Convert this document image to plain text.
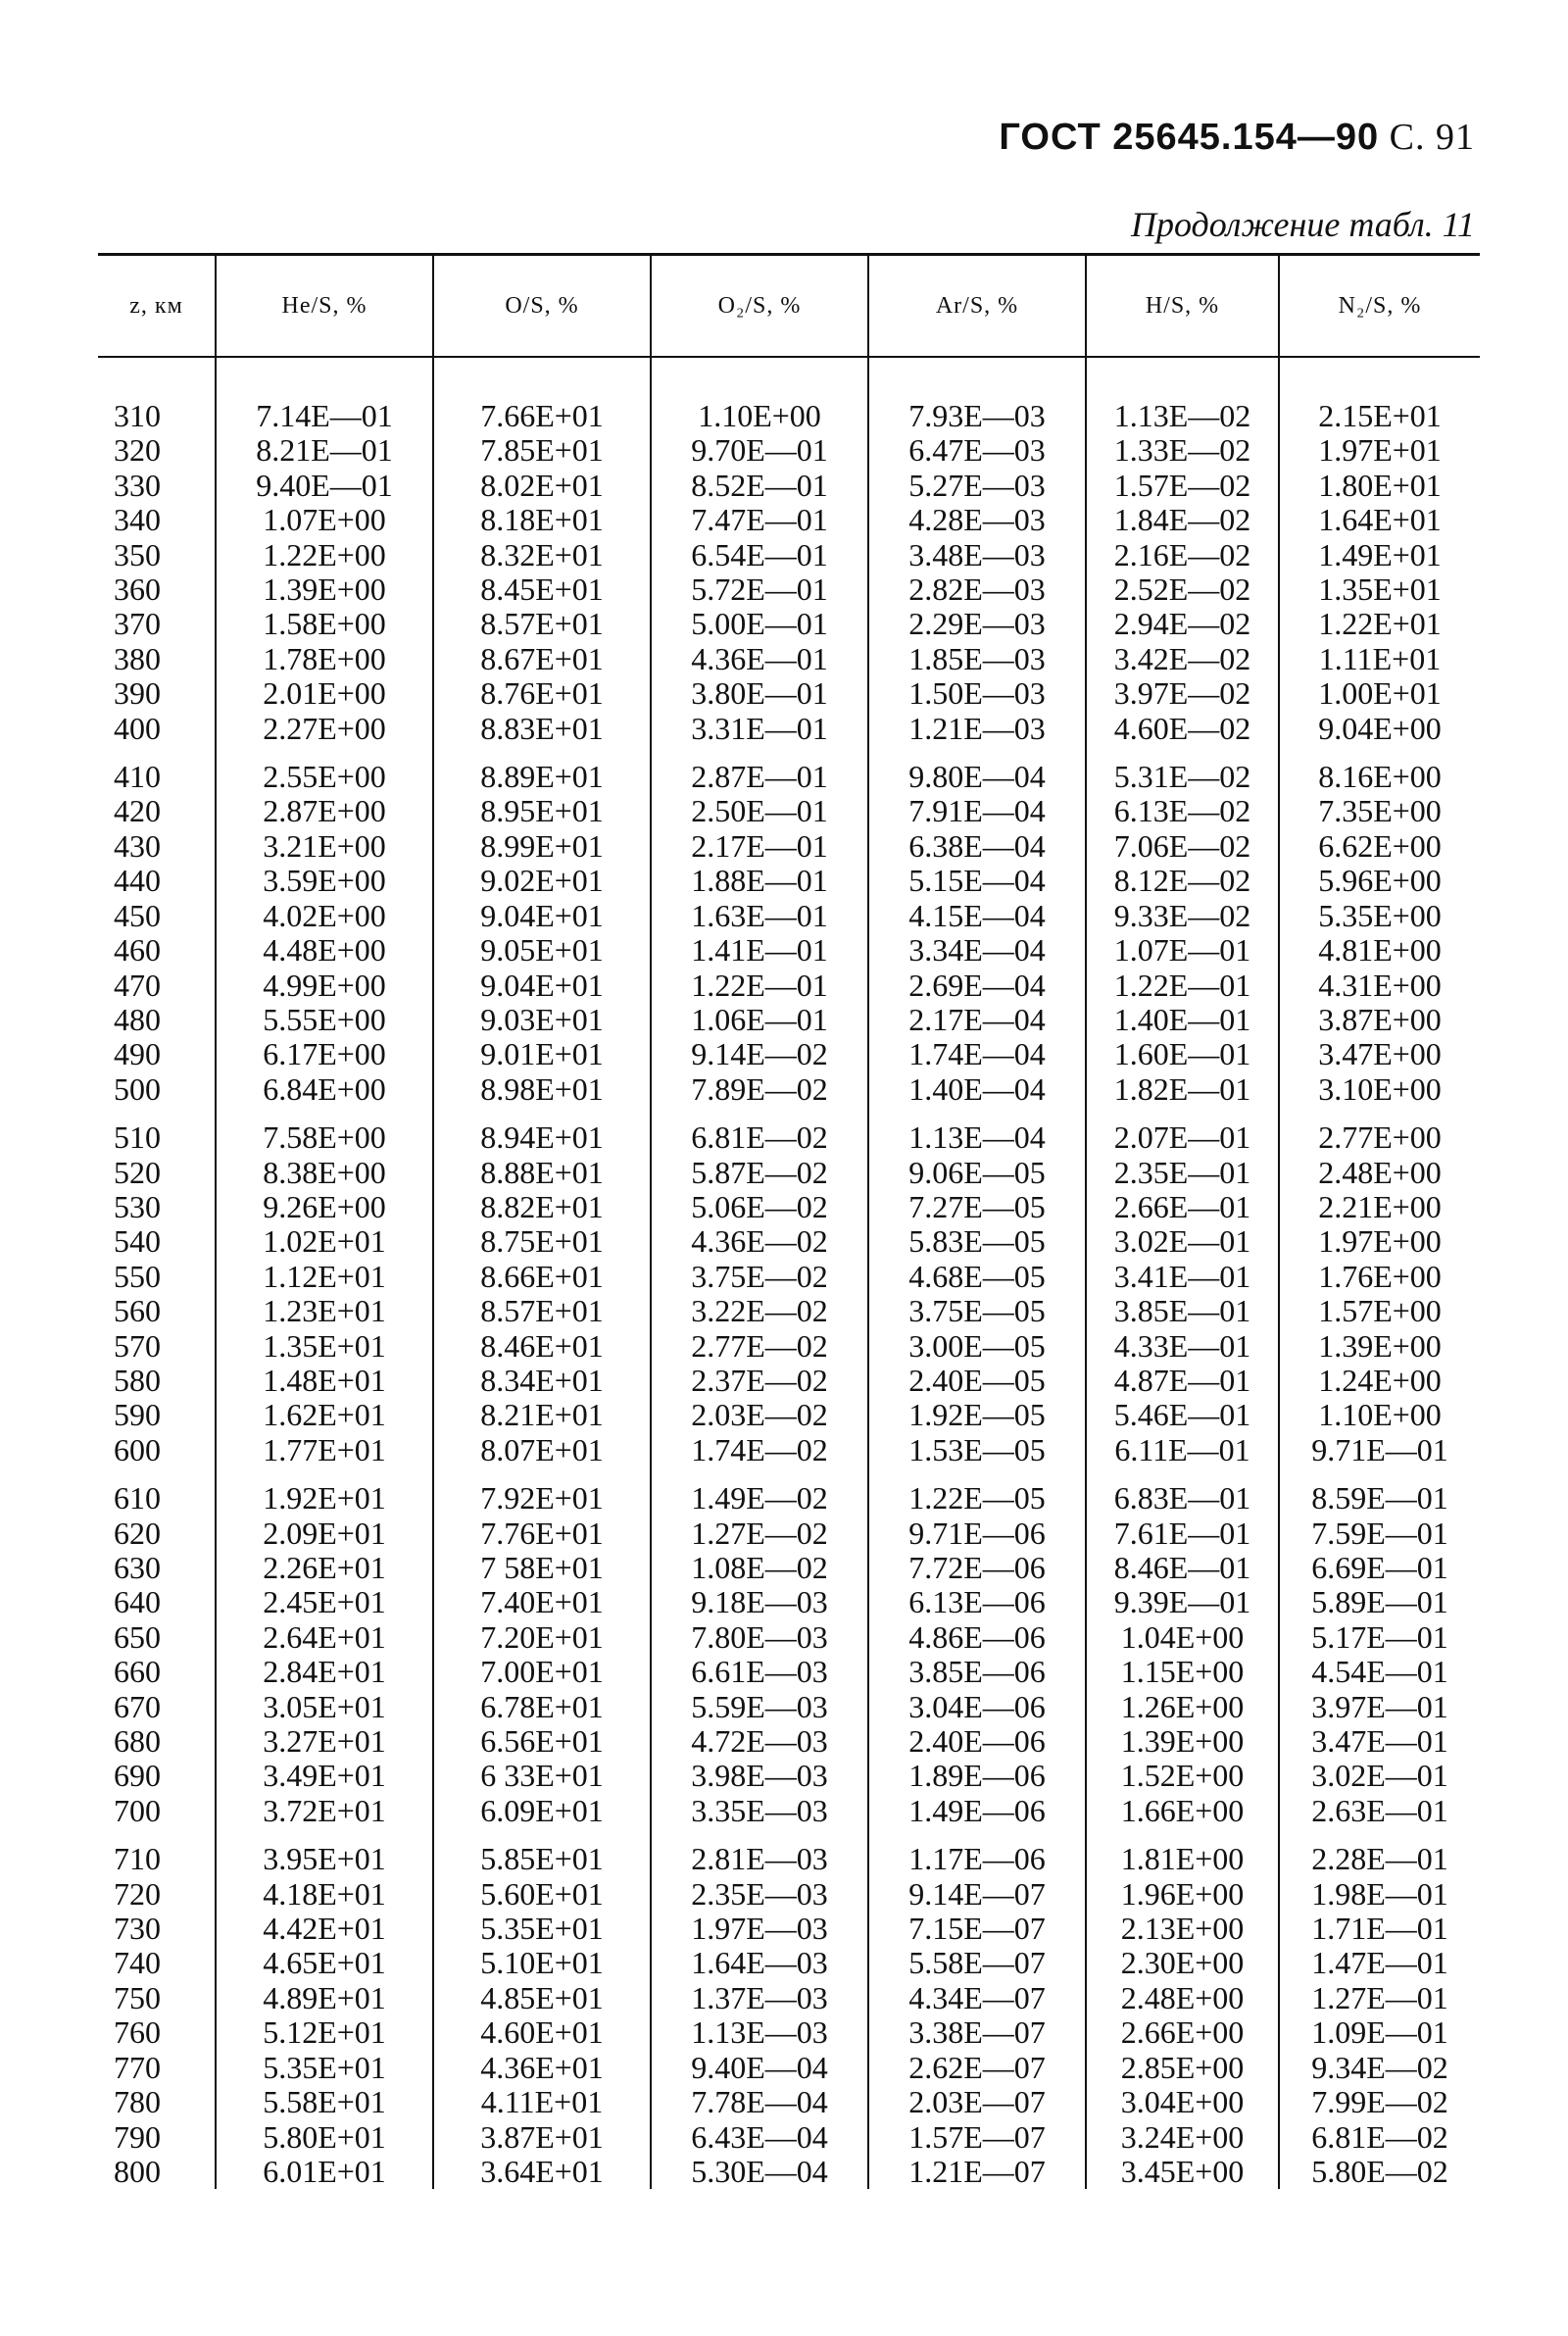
ГОСТ 25645.154—90 С. 91
Продолжение табл. 11
z, км	He/S, %	O/S, %	O₂/S, %	Ar/S, %	H/S, %	N₂/S, %

310	7.14E—01	7.66E+01	1.10E+00	7.93E—03	1.13E—02	2.15E+01
320	8.21E—01	7.85E+01	9.70E—01	6.47E—03	1.33E—02	1.97E+01
330	9.40E—01	8.02E+01	8.52E—01	5.27E—03	1.57E—02	1.80E+01
340	1.07E+00	8.18E+01	7.47E—01	4.28E—03	1.84E—02	1.64E+01
350	1.22E+00	8.32E+01	6.54E—01	3.48E—03	2.16E—02	1.49E+01
360	1.39E+00	8.45E+01	5.72E—01	2.82E—03	2.52E—02	1.35E+01
370	1.58E+00	8.57E+01	5.00E—01	2.29E—03	2.94E—02	1.22E+01
380	1.78E+00	8.67E+01	4.36E—01	1.85E—03	3.42E—02	1.11E+01
390	2.01E+00	8.76E+01	3.80E—01	1.50E—03	3.97E—02	1.00E+01
400	2.27E+00	8.83E+01	3.31E—01	1.21E—03	4.60E—02	9.04E+00

410	2.55E+00	8.89E+01	2.87E—01	9.80E—04	5.31E—02	8.16E+00
420	2.87E+00	8.95E+01	2.50E—01	7.91E—04	6.13E—02	7.35E+00
430	3.21E+00	8.99E+01	2.17E—01	6.38E—04	7.06E—02	6.62E+00
440	3.59E+00	9.02E+01	1.88E—01	5.15E—04	8.12E—02	5.96E+00
450	4.02E+00	9.04E+01	1.63E—01	4.15E—04	9.33E—02	5.35E+00
460	4.48E+00	9.05E+01	1.41E—01	3.34E—04	1.07E—01	4.81E+00
470	4.99E+00	9.04E+01	1.22E—01	2.69E—04	1.22E—01	4.31E+00
480	5.55E+00	9.03E+01	1.06E—01	2.17E—04	1.40E—01	3.87E+00
490	6.17E+00	9.01E+01	9.14E—02	1.74E—04	1.60E—01	3.47E+00
500	6.84E+00	8.98E+01	7.89E—02	1.40E—04	1.82E—01	3.10E+00

510	7.58E+00	8.94E+01	6.81E—02	1.13E—04	2.07E—01	2.77E+00
520	8.38E+00	8.88E+01	5.87E—02	9.06E—05	2.35E—01	2.48E+00
530	9.26E+00	8.82E+01	5.06E—02	7.27E—05	2.66E—01	2.21E+00
540	1.02E+01	8.75E+01	4.36E—02	5.83E—05	3.02E—01	1.97E+00
550	1.12E+01	8.66E+01	3.75E—02	4.68E—05	3.41E—01	1.76E+00
560	1.23E+01	8.57E+01	3.22E—02	3.75E—05	3.85E—01	1.57E+00
570	1.35E+01	8.46E+01	2.77E—02	3.00E—05	4.33E—01	1.39E+00
580	1.48E+01	8.34E+01	2.37E—02	2.40E—05	4.87E—01	1.24E+00
590	1.62E+01	8.21E+01	2.03E—02	1.92E—05	5.46E—01	1.10E+00
600	1.77E+01	8.07E+01	1.74E—02	1.53E—05	6.11E—01	9.71E—01

610	1.92E+01	7.92E+01	1.49E—02	1.22E—05	6.83E—01	8.59E—01
620	2.09E+01	7.76E+01	1.27E—02	9.71E—06	7.61E—01	7.59E—01
630	2.26E+01	7 58E+01	1.08E—02	7.72E—06	8.46E—01	6.69E—01
640	2.45E+01	7.40E+01	9.18E—03	6.13E—06	9.39E—01	5.89E—01
650	2.64E+01	7.20E+01	7.80E—03	4.86E—06	1.04E+00	5.17E—01
660	2.84E+01	7.00E+01	6.61E—03	3.85E—06	1.15E+00	4.54E—01
670	3.05E+01	6.78E+01	5.59E—03	3.04E—06	1.26E+00	3.97E—01
680	3.27E+01	6.56E+01	4.72E—03	2.40E—06	1.39E+00	3.47E—01
690	3.49E+01	6 33E+01	3.98E—03	1.89E—06	1.52E+00	3.02E—01
700	3.72E+01	6.09E+01	3.35E—03	1.49E—06	1.66E+00	2.63E—01

710	3.95E+01	5.85E+01	2.81E—03	1.17E—06	1.81E+00	2.28E—01
720	4.18E+01	5.60E+01	2.35E—03	9.14E—07	1.96E+00	1.98E—01
730	4.42E+01	5.35E+01	1.97E—03	7.15E—07	2.13E+00	1.71E—01
740	4.65E+01	5.10E+01	1.64E—03	5.58E—07	2.30E+00	1.47E—01
750	4.89E+01	4.85E+01	1.37E—03	4.34E—07	2.48E+00	1.27E—01
760	5.12E+01	4.60E+01	1.13E—03	3.38E—07	2.66E+00	1.09E—01
770	5.35E+01	4.36E+01	9.40E—04	2.62E—07	2.85E+00	9.34E—02
780	5.58E+01	4.11E+01	7.78E—04	2.03E—07	3.04E+00	7.99E—02
790	5.80E+01	3.87E+01	6.43E—04	1.57E—07	3.24E+00	6.81E—02
800	6.01E+01	3.64E+01	5.30E—04	1.21E—07	3.45E+00	5.80E—02
